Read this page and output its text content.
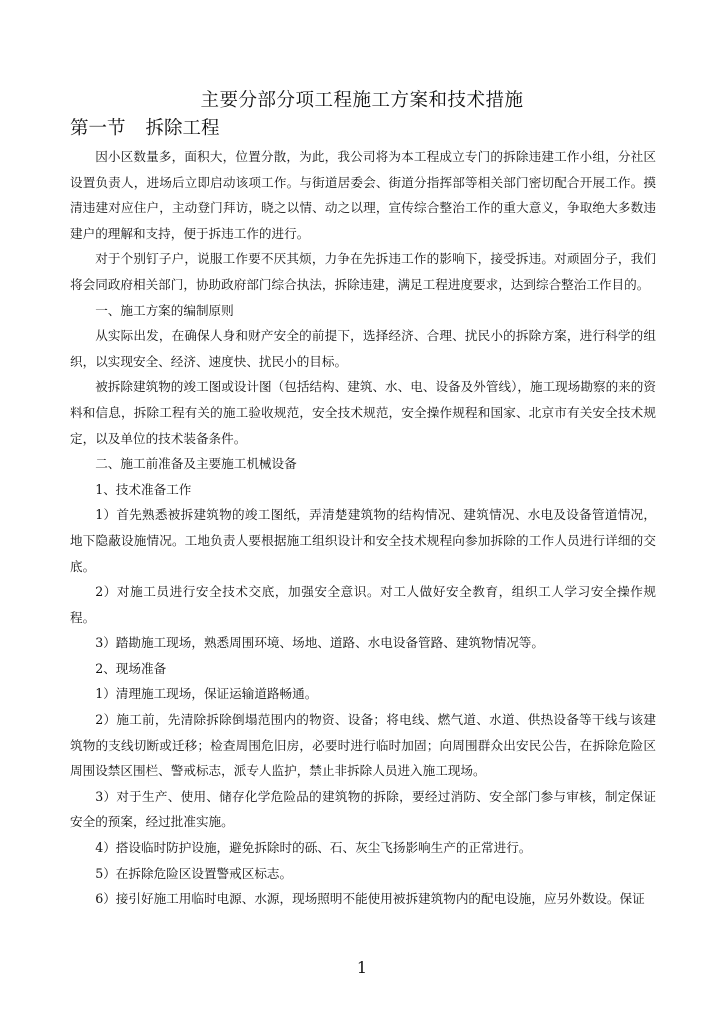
主要分部分项工程施工方案和技术措施
第一节 拆除工程

因小区数量多，面积大，位置分散，为此，我公司将为本工程成立专门的拆除违建工作小组，分社区设置负责人，进场后立即启动该项工作。与街道居委会、街道分指挥部等相关部门密切配合开展工作。摸清违建对应住户，主动登门拜访，晓之以情、动之以理，宣传综合整治工作的重大意义，争取绝大多数违建户的理解和支持，便于拆违工作的进行。

对于个别钉子户，说服工作要不厌其烦，力争在先拆违工作的影响下，接受拆违。对顽固分子，我们将会同政府相关部门，协助政府部门综合执法，拆除违建，满足工程进度要求，达到综合整治工作目的。

一、施工方案的编制原则

从实际出发，在确保人身和财产安全的前提下，选择经济、合理、扰民小的拆除方案，进行科学的组织，以实现安全、经济、速度快、扰民小的目标。

被拆除建筑物的竣工图或设计图（包括结构、建筑、水、电、设备及外管线），施工现场勘察的来的资料和信息，拆除工程有关的施工验收规范，安全技术规范，安全操作规程和国家、北京市有关安全技术规定，以及单位的技术装备条件。

二、施工前准备及主要施工机械设备

1、技术准备工作

1）首先熟悉被拆建筑物的竣工图纸，弄清楚建筑物的结构情况、建筑情况、水电及设备管道情况，地下隐蔽设施情况。工地负责人要根据施工组织设计和安全技术规程向参加拆除的工作人员进行详细的交底。

2）对施工员进行安全技术交底，加强安全意识。对工人做好安全教育，组织工人学习安全操作规程。

3）踏勘施工现场，熟悉周围环境、场地、道路、水电设备管路、建筑物情况等。

2、现场准备

1）清理施工现场，保证运输道路畅通。

2）施工前，先清除拆除倒塌范围内的物资、设备；将电线、燃气道、水道、供热设备等干线与该建筑物的支线切断或迁移；检查周围危旧房，必要时进行临时加固；向周围群众出安民公告，在拆除危险区周围设禁区围栏、警戒标志，派专人监护，禁止非拆除人员进入施工现场。

3）对于生产、使用、储存化学危险品的建筑物的拆除，要经过消防、安全部门参与审核，制定保证安全的预案，经过批准实施。

4）搭设临时防护设施，避免拆除时的砾、石、灰尘飞扬影响生产的正常进行。

5）在拆除危险区设置警戒区标志。

6）接引好施工用临时电源、水源，现场照明不能使用被拆建筑物内的配电设施，应另外数设。保证

1
